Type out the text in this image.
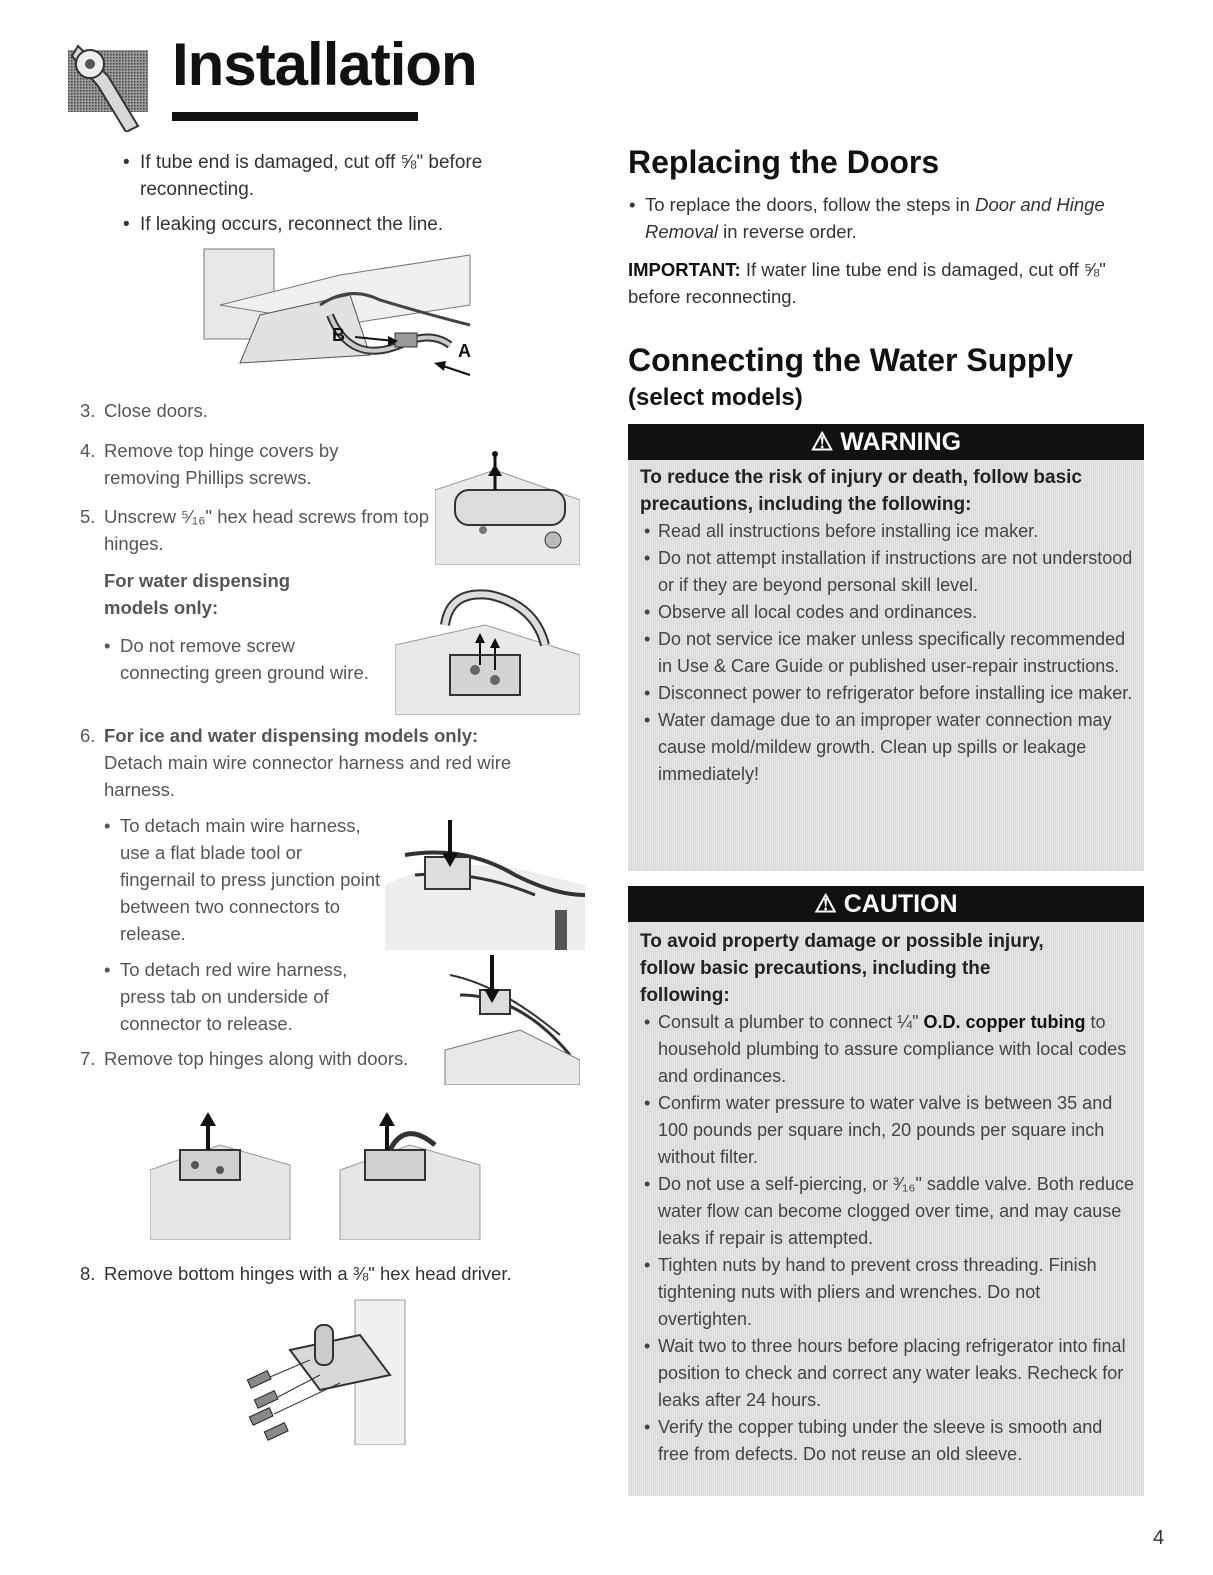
Installation
• If tube end is damaged, cut off ⅝" before reconnecting.
• If leaking occurs, reconnect the line.
B
A
3. Close doors.
4. Remove top hinge covers by removing Phillips screws.
5. Unscrew ⁵⁄₁₆" hex head screws from top hinges.
For water dispensing models only:
• Do not remove screw connecting green ground wire.
6. For ice and water dispensing models only: Detach main wire connector harness and red wire harness.
• To detach main wire harness, use a flat blade tool or fingernail to press junction point between two connectors to release.
• To detach red wire harness, press tab on underside of connector to release.
7. Remove top hinges along with doors.
8. Remove bottom hinges with a ⅜" hex head driver.
Replacing the Doors
• To replace the doors, follow the steps in Door and Hinge Removal in reverse order.
IMPORTANT: If water line tube end is damaged, cut off ⅝" before reconnecting.
Connecting the Water Supply
(select models)
⚠ WARNING
To reduce the risk of injury or death, follow basic precautions, including the following:
• Read all instructions before installing ice maker.
• Do not attempt installation if instructions are not understood or if they are beyond personal skill level.
• Observe all local codes and ordinances.
• Do not service ice maker unless specifically recommended in Use & Care Guide or published user-repair instructions.
• Disconnect power to refrigerator before installing ice maker.
• Water damage due to an improper water connection may cause mold/mildew growth. Clean up spills or leakage immediately!
⚠ CAUTION
To avoid property damage or possible injury, follow basic precautions, including the following:
• Consult a plumber to connect ¼" O.D. copper tubing to household plumbing to assure compliance with local codes and ordinances.
• Confirm water pressure to water valve is between 35 and 100 pounds per square inch, 20 pounds per square inch without filter.
• Do not use a self-piercing, or ³⁄₁₆" saddle valve. Both reduce water flow can become clogged over time, and may cause leaks if repair is attempted.
• Tighten nuts by hand to prevent cross threading. Finish tightening nuts with pliers and wrenches. Do not overtighten.
• Wait two to three hours before placing refrigerator into final position to check and correct any water leaks. Recheck for leaks after 24 hours.
• Verify the copper tubing under the sleeve is smooth and free from defects. Do not reuse an old sleeve.
4
